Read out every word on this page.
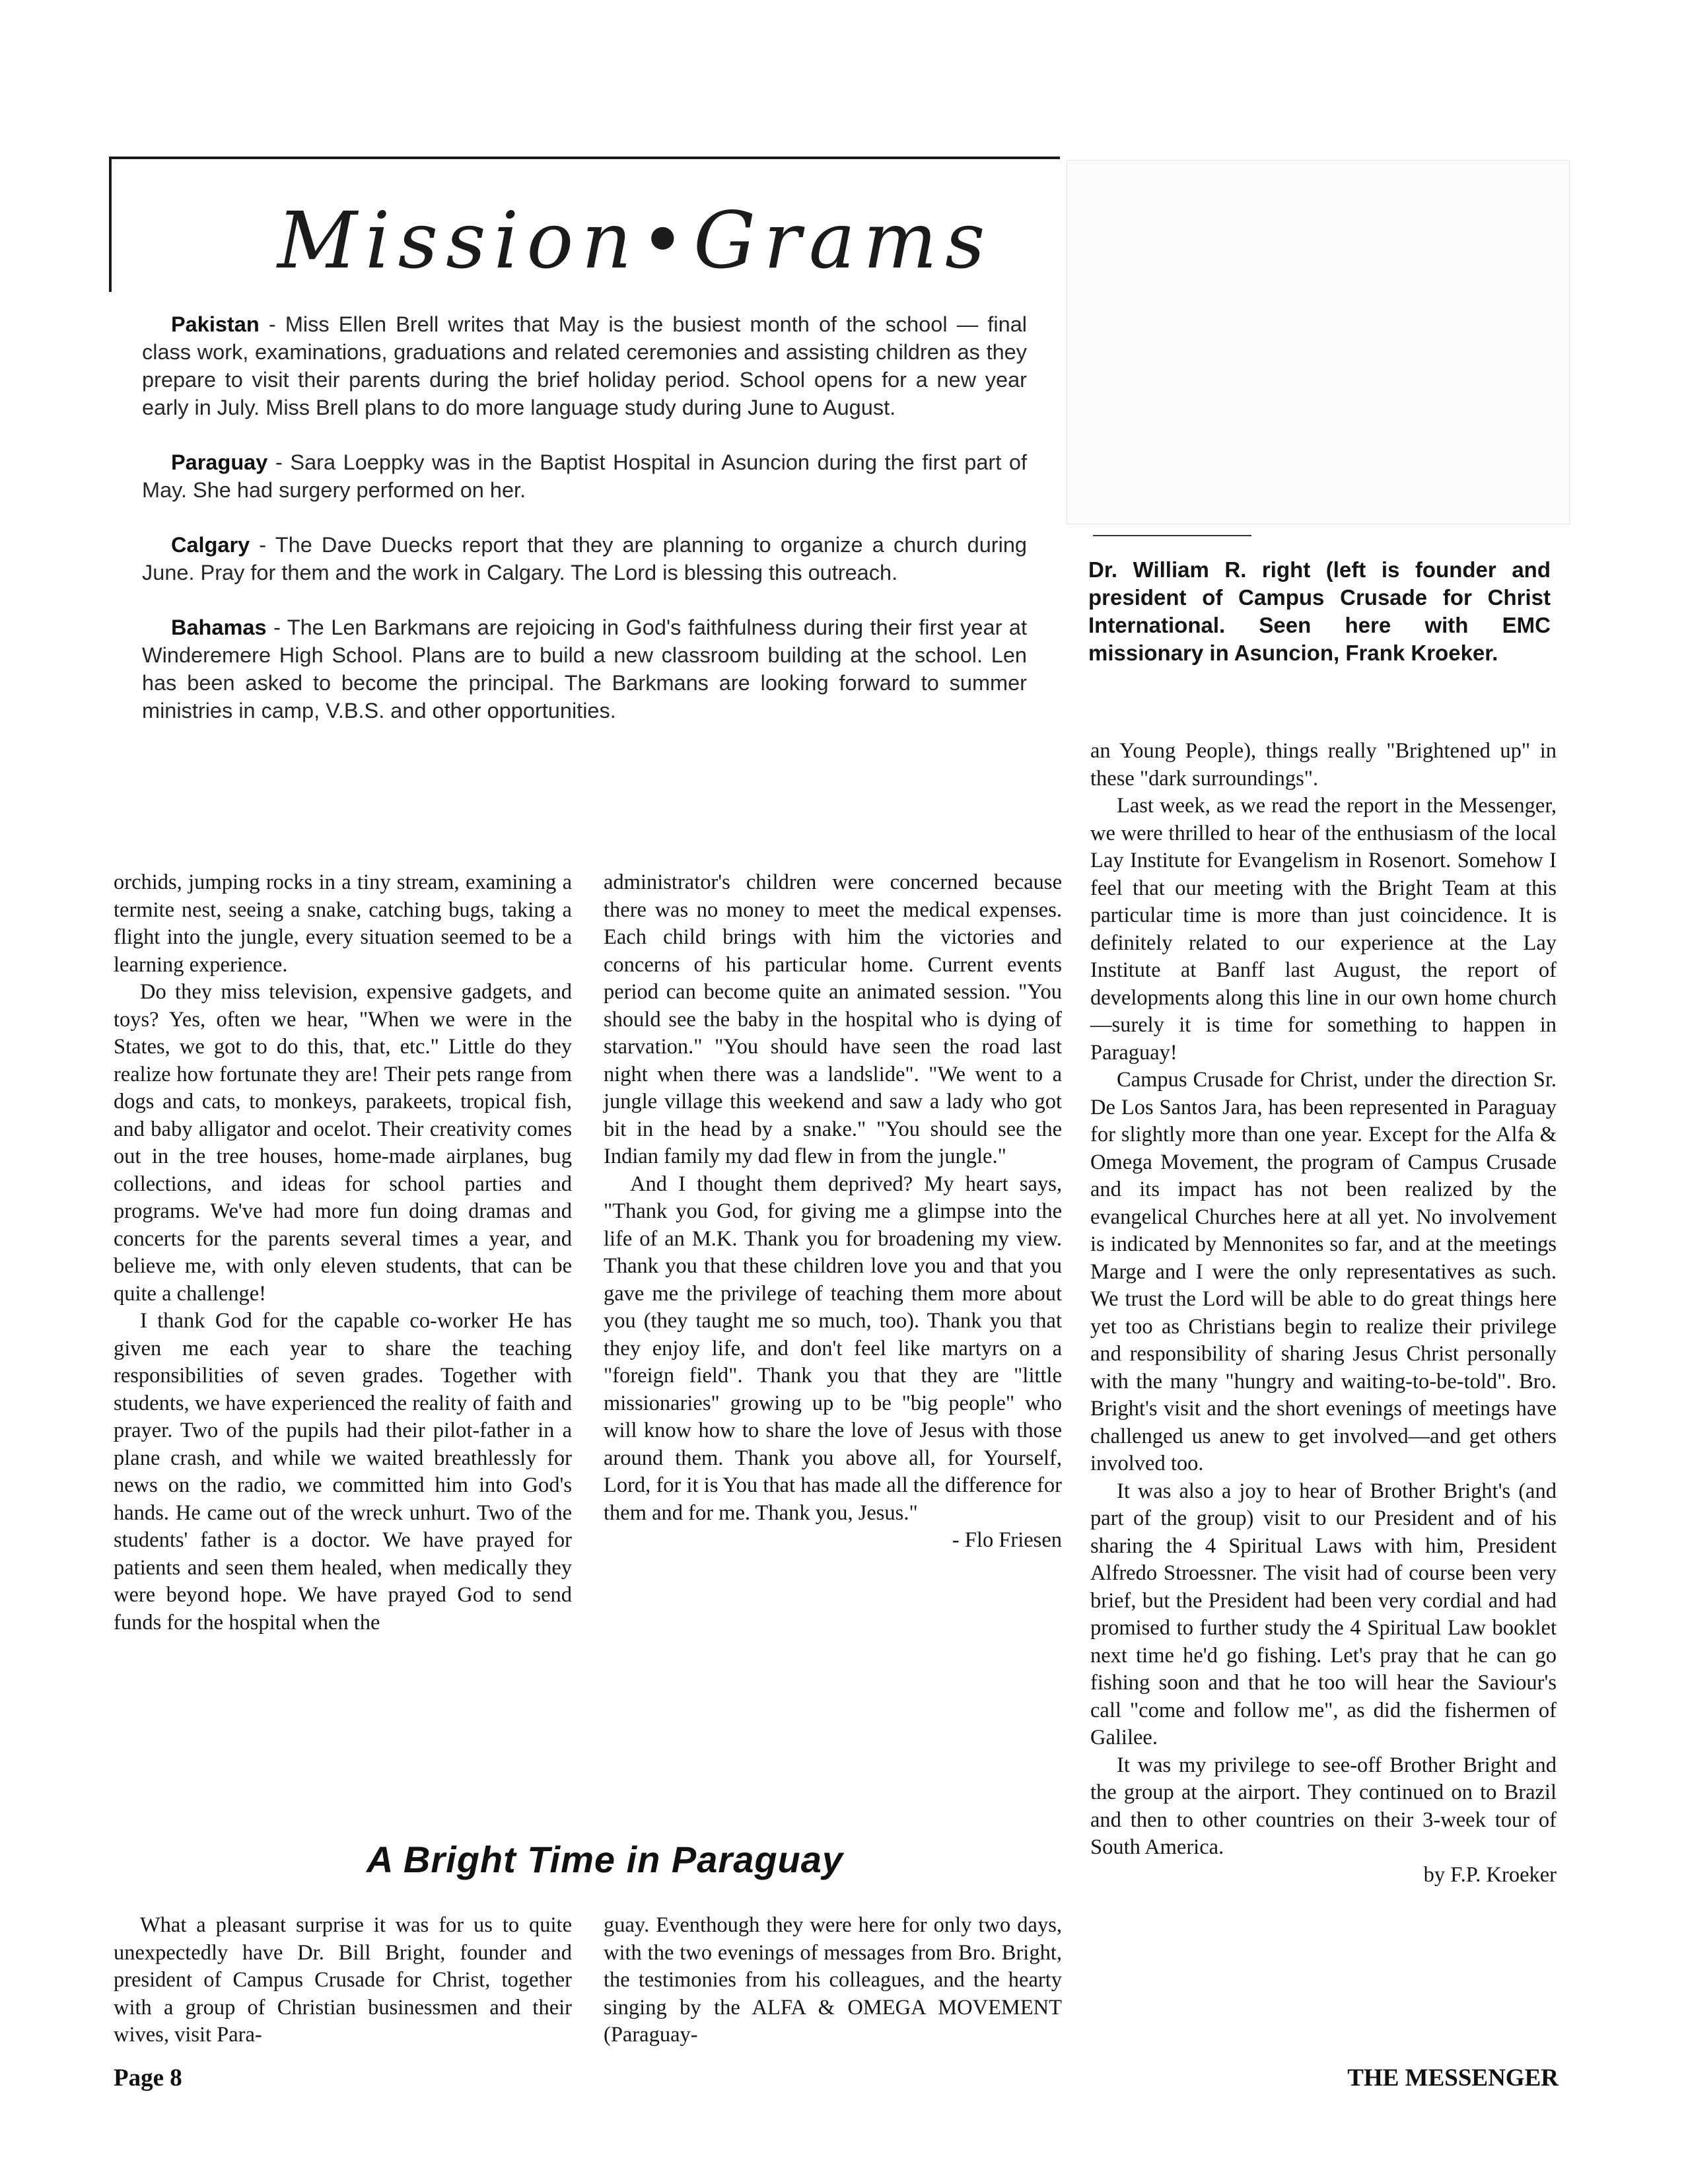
Mission•Grams

Pakistan - Miss Ellen Brell writes that May is the busiest month of the school — final class work, examinations, graduations and related ceremonies and assisting children as they prepare to visit their parents during the brief holiday period. School opens for a new year early in July. Miss Brell plans to do more language study during June to August.

Paraguay - Sara Loeppky was in the Baptist Hospital in Asuncion during the first part of May. She had surgery performed on her.

Calgary - The Dave Duecks report that they are planning to organize a church during June. Pray for them and the work in Calgary. The Lord is blessing this outreach.

Bahamas - The Len Barkmans are rejoicing in God's faithfulness during their first year at Winderemere High School. Plans are to build a new classroom building at the school. Len has been asked to become the principal. The Barkmans are looking forward to summer ministries in camp, V.B.S. and other opportunities.

Dr. William R. right (left is founder and president of Campus Crusade for Christ International. Seen here with EMC missionary in Asuncion, Frank Kroeker.

orchids, jumping rocks in a tiny stream, examining a termite nest, seeing a snake, catching bugs, taking a flight into the jungle, every situation seemed to be a learning experience.

Do they miss television, expensive gadgets, and toys? Yes, often we hear, "When we were in the States, we got to do this, that, etc." Little do they realize how fortunate they are! Their pets range from dogs and cats, to monkeys, parakeets, tropical fish, and baby alligator and ocelot. Their creativity comes out in the tree houses, home-made airplanes, bug collections, and ideas for school parties and programs. We've had more fun doing dramas and concerts for the parents several times a year, and believe me, with only eleven students, that can be quite a challenge!

I thank God for the capable co-worker He has given me each year to share the teaching responsibilities of seven grades. Together with students, we have experienced the reality of faith and prayer. Two of the pupils had their pilot-father in a plane crash, and while we waited breathlessly for news on the radio, we committed him into God's hands. He came out of the wreck unhurt. Two of the students' father is a doctor. We have prayed for patients and seen them healed, when medically they were beyond hope. We have prayed God to send funds for the hospital when the

administrator's children were concerned because there was no money to meet the medical expenses. Each child brings with him the victories and concerns of his particular home. Current events period can become quite an animated session. "You should see the baby in the hospital who is dying of starvation." "You should have seen the road last night when there was a landslide". "We went to a jungle village this weekend and saw a lady who got bit in the head by a snake." "You should see the Indian family my dad flew in from the jungle."

And I thought them deprived? My heart says, "Thank you God, for giving me a glimpse into the life of an M.K. Thank you for broadening my view. Thank you that these children love you and that you gave me the privilege of teaching them more about you (they taught me so much, too). Thank you that they enjoy life, and don't feel like martyrs on a "foreign field". Thank you that they are "little missionaries" growing up to be "big people" who will know how to share the love of Jesus with those around them. Thank you above all, for Yourself, Lord, for it is You that has made all the difference for them and for me. Thank you, Jesus."

- Flo Friesen

an Young People), things really "Brightened up" in these "dark surroundings".

Last week, as we read the report in the Messenger, we were thrilled to hear of the enthusiasm of the local Lay Institute for Evangelism in Rosenort. Somehow I feel that our meeting with the Bright Team at this particular time is more than just coincidence. It is definitely related to our experience at the Lay Institute at Banff last August, the report of developments along this line in our own home church—surely it is time for something to happen in Paraguay!

Campus Crusade for Christ, under the direction Sr. De Los Santos Jara, has been represented in Paraguay for slightly more than one year. Except for the Alfa & Omega Movement, the program of Campus Crusade and its impact has not been realized by the evangelical Churches here at all yet. No involvement is indicated by Mennonites so far, and at the meetings Marge and I were the only representatives as such. We trust the Lord will be able to do great things here yet too as Christians begin to realize their privilege and responsibility of sharing Jesus Christ personally with the many "hungry and waiting-to-be-told". Bro. Bright's visit and the short evenings of meetings have challenged us anew to get involved—and get others involved too.

It was also a joy to hear of Brother Bright's (and part of the group) visit to our President and of his sharing the 4 Spiritual Laws with him, President Alfredo Stroessner. The visit had of course been very brief, but the President had been very cordial and had promised to further study the 4 Spiritual Law booklet next time he'd go fishing. Let's pray that he can go fishing soon and that he too will hear the Saviour's call "come and follow me", as did the fishermen of Galilee.

It was my privilege to see-off Brother Bright and the group at the airport. They continued on to Brazil and then to other countries on their 3-week tour of South America.

by F.P. Kroeker

A Bright Time in Paraguay

What a pleasant surprise it was for us to quite unexpectedly have Dr. Bill Bright, founder and president of Campus Crusade for Christ, together with a group of Christian businessmen and their wives, visit Para-

guay. Eventhough they were here for only two days, with the two evenings of messages from Bro. Bright, the testimonies from his colleagues, and the hearty singing by the ALFA & OMEGA MOVEMENT (Paraguay-

Page 8	THE MESSENGER
